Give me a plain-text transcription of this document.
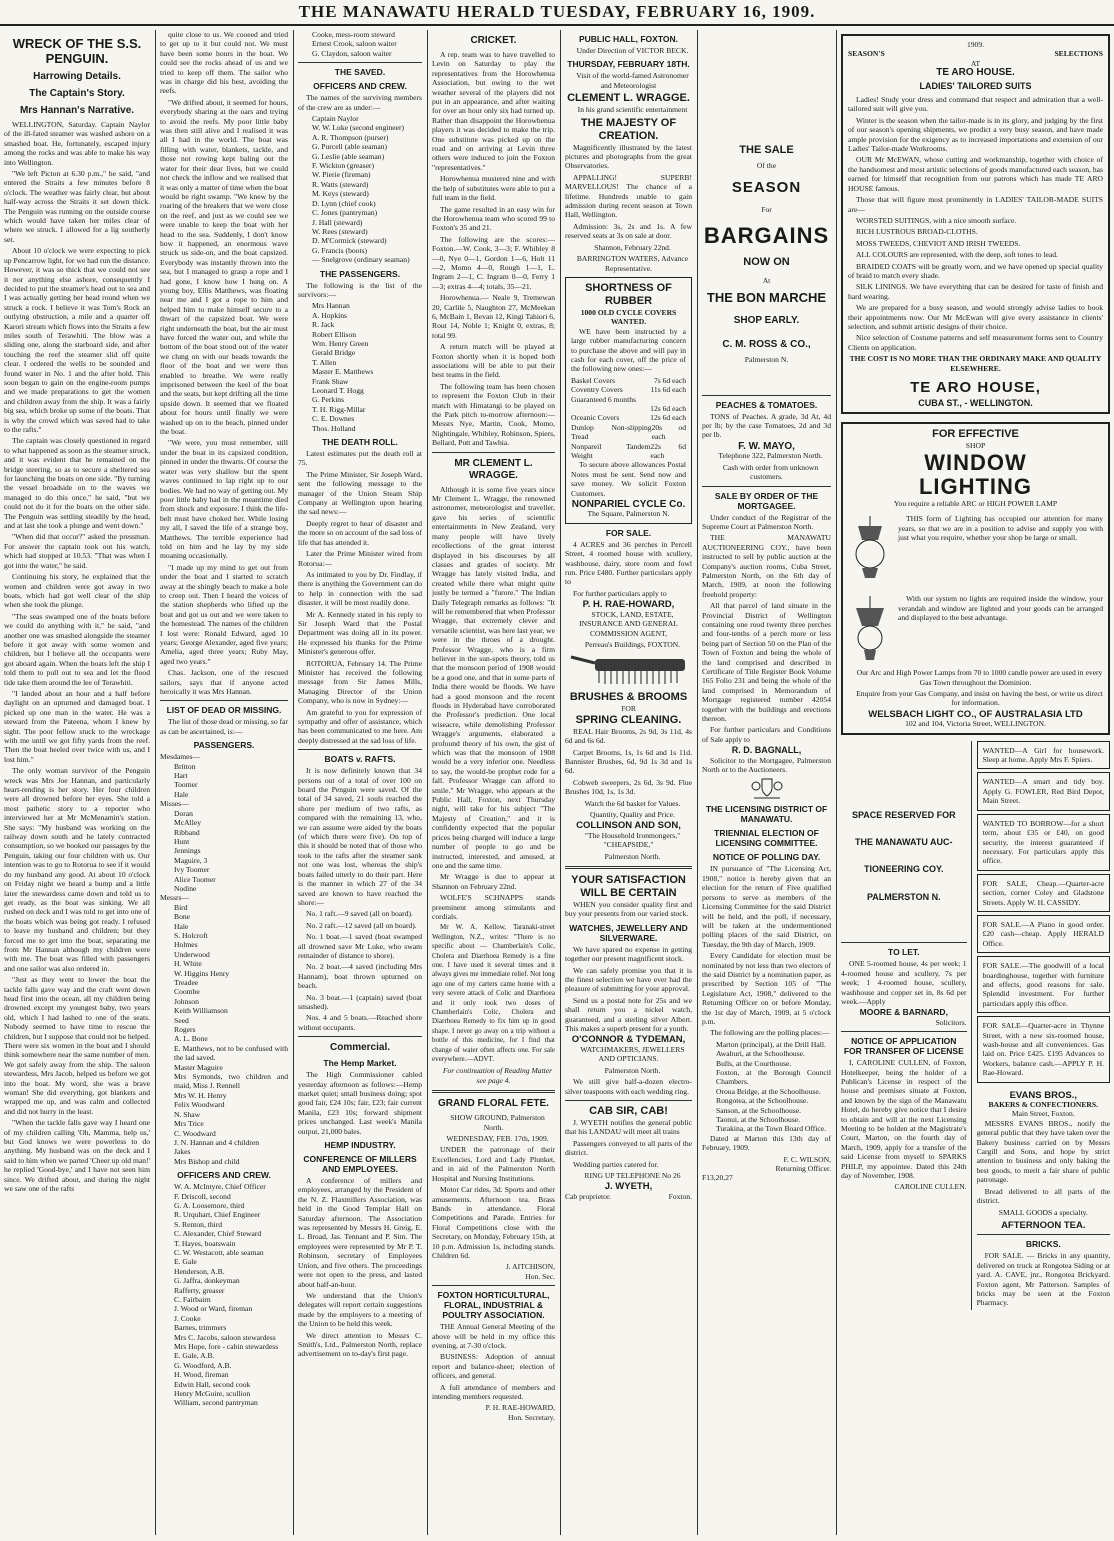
THE MANAWATU HERALD TUESDAY, FEBRUARY 16, 1909.
WRECK OF THE S.S. PENGUIN.
Harrowing Details.
The Captain's Story.
Mrs Hannan's Narrative.

WELLINGTON, Saturday. Captain Naylor of the ill-fated steamer was washed ashore on a smashed boat. He, fortunately, escaped injury among the rocks and was able to make his way into Wellington.

"We left Picton at 6.30 p.m.," he said, "and entered the Straits a few minutes before 8 o'clock. The weather was fairly clear, but about half-way across the Straits it set down thick. The Penguin was running on the outside course which would have taken her miles clear of where we struck. I allowed for a lig southerly set.

About 10 o'clock we were expecting to pick up Pencarrow light, for we had run the distance. However, it was so thick that we could not see it nor anything else ashore, consequently I decided to put the steamer's head out to sea and I was actually getting her head round when we struck a rock. I believe it was Tom's Rock an outlying obstruction, a mile and a quarter off Karori stream which flows into the Straits a few miles south of Terawhiti. The blow was a sliding one, along the starboard side, and after touching the reef the steamer slid off quite clear. I ordered the wells to be sounded and found water in No. 1 and the after hold. This soon began to gain on the engine-room pumps and we made preparations to get the women and children away from the ship. It was a fairly big sea, which broke up some of the boats. That is why the crowd which was saved had to take to the rafts."

The captain was closely questioned in regard to what happened as soon as the steamer struck, and it was evident that he remained on the bridge steering, so as to secure a sheltered sea for launching the boats on one side. "By turning the vessel broadside on to the waves we managed to do this once," he said, "but we could not do it for the boats on the other side. The Penguin was settling steadily by the head, and at last she took a plunge and went down."

"When did that occur?" asked the pressman. For answer the captain took out his watch, which had stopped at 10.53. "That was when I got into the water," he said.

Continuing his story, he explained that the women and children were got away in two boats, which had got well clear of the ship when she took the plunge.

"The seas swamped one of the boats before we could do anything with it," he said, "and another one was smashed alongside the steamer before it got away with some women and children, but I believe all the occupants were got aboard again. When the boats left the ship I told them to pull out to sea and let the flood tide take them around the lee of Terawhiti.

"I landed about an hour and a half before daylight on an upturned and damaged boat. I picked up one man in the water. He was a steward from the Pateena, whom I knew by sight. The poor fellow stuck to the wreckage with me until we got fifty yards from the reef. Then the boat heeled over twice with us, and I lost him."

The only woman survivor of the Penguin wreck was Mrs Joe Hannan, and particularly heart-rending is her story. Her four children were all drowned before her eyes. She told a most pathetic story to a reporter who interviewed her at Mr McMenamin's station. She says: "My husband was working on the railway down south and he lately contracted consumption, so we booked our passages by the Penguin, taking our four children with us. Our intention was to go to Rotorua to see if it would do my husband any good. At about 10 o'clock on Friday night we heard a bump and a little later the stewardess came down and told us to get ready, as the boat was sinking. We all rushed on deck and I was told to get into one of the boats which was being got ready. I refused to leave my husband and children; but they forced me to get into the boat, separating me from Mr Hannan although my children were with me. The boat was filled with passengers and one sailor was also ordered in.

"Just as they went to lower the boat the tackle falls gave way and the craft went down head first into the ocean, all my children being drowned except my youngest baby, two years old, which I had lashed to one of the seats. Nobody seemed to have time to rescue the children, but I suppose that could not be helped. There were six women in the boat and I should think somewhere near the same number of men. We got safely away from the ship. The saloon stewardess, Mrs Jacob, helped us before we got into the boat. My word, she was a brave woman! She did everything, got blankets and wrapped me up, and was calm and collected and did not hurry in the least.

"When the tackle falls gave way I heard one of my children calling 'Oh, Mamma, help us,' but God knows we were powerless to do anything. My husband was on the deck and I said to him when we parted 'Cheer up old man!' he replied 'Good-bye,' and I have not seen him since. We drifted about, and during the night we saw one of the rafts

quite close to us. We cooeed and tried to get up to it but could not. We must have been some hours in the boat. We could see the rocks ahead of us and we tried to keep off them. The sailor who was in charge did his best, avoiding the reefs.

"We drifted about, it seemed for hours, everybody sharing at the oars and trying to avoid the reefs. My poor little baby was then still alive and I realised it was all I had in the world. The boat was filling with water, blankets, tackle, and those not rowing kept baling out the water for their dear lives, but we could not check the inflow and we realised that it was only a matter of time when the boat would be right swamp. "We knew by the roaring of the breakers that we were close on the reef, and just as we could see we were unable to keep the boat with her head to the sea. Suddenly, I don't know how it happened, an enormous wave struck us side-on, and the boat capsized. Everybody was instantly thrown into the sea, but I managed to grasp a rope and I had gone, I know how I hung on. A young boy, Ellis Matthews, was floating near me and I got a rope to him and helped him to make himself secure to a thwart of the capsized boat. We were right underneath the boat, but the air must have forced the water out, and while the bottom of the boat stood out of the water we clung on with our heads towards the floor of the boat and we were thus enabled to breathe. We were really imprisoned between the keel of the boat and the seats, but kept drifting all the time upside down. It seemed that we floated about for hours until finally we were washed up on to the beach, pinned under the boat.

"We were, you must remember, still under the boat in its capsized condition, pinned in under the thwarts. Of course the water was very shallow but the spent waves continued to lap right up to our bodies. We had no way of getting out. My poor little baby had in the meantime died from shock and exposure. I think the life-belt must have choked her. While losing my all, I saved the life of a strange boy, Matthews. The terrible experience had told on him and he lay by my side moaning occasionally.

"I made up my mind to get out from under the boat and I started to scratch away at the shingly beach to make a hole to creep out. Then I heard the voices of the station shepherds who lifted up the boat and got us out and we were taken to the homestead. The names of the children I lost were: Ronald Edward, aged 10 years; George Alexander, aged five years; Amelia, aged three years; Ruby May, aged two years."

Chas. Jackson, one of the rescued sailors, says that if anyone acted heroically it was Mrs Hannan.

LIST OF DEAD OR MISSING.

The list of those dead or missing, so far as can be ascertained, is:—

PASSENGERS.
Mesdames—
Britton
Hart
Toomer
Hale
Misses—
Doran
McAlley
Ribband
Hunt
Jennings
Maguire, 3
Ivy Toomer
Alice Toomer
Nodine
Messrs—
Bird
Bone
Hale
S. Holcroft
Holmes
Underwood
H. White
W. Higgins Henry
Treadee
Coombe
Johnson
Keith Williamson
Seed
Rogers
A. L. Bone
E. Matthews, not to be confused with the lad saved.
Master Maguire
Mrs Symonds, two children and maid, Miss J. Rennell
Mrs W. H. Henry
Felix Woodward
N. Shaw
Mrs Trice
C. Woodward
J. N. Hannan and 4 children
Jakes
Mrs Bishop and child
OFFICERS AND CREW.
W. A. McIntyre, Chief Officer
F. Driscoll, second
G. A. Loosemore, third
R. Urquhart, Chief Engineer
S. Renton, third
C. Alexander, Chief Steward
T. Hayes, boatswain
C. W. Westacott, able seaman
E. Gale
Henderson, A.B.
G. Jaffra, donkeyman
Rafferty, greaser
C. Fairbairn
J. Wood or Ward, fireman
J. Cooke
Barnes, trimmers
Mrs C. Jacobs, saloon stewardess
Mrs Hope, fore - cabin stewardess
E. Gale, A.B.
G. Woodford, A.B.
H. Wood, fireman
Edwin Hall, second cook
Henry McGuire, scullion
William, second pantryman
Cooke, mess-room steward
Ernest Crook, saloon waiter
G. Claydon, saloon waiter
THE SAVED.
OFFICERS AND CREW.

The names of the surviving members of the crew are as under:—

Captain Naylor
W. W. Luke (second engineer)
A. R. Thompson (purser)
G. Purcell (able seaman)
G. Leslie (able seaman)
F. Wickton (greaser)
W. Pierie (fireman)
R. Watts (steward)
M. Keys (steward)
D. Lynn (chief cook)
C. Jones (pantryman)
J. Hall (steward)
W. Rees (steward)
D. M'Cormick (steward)
G. Francis (boots)
— Snelgrove (ordinary seaman)
THE PASSENGERS.

The following is the list of the survivors:—

Mrs Hannan
A. Hopkins
R. Jack
Robert Ellison
Wm. Henry Green
Gerald Bridge
T. Allen
Master E. Matthews
Frank Shaw
Leonard T. Hogg
G. Perkins
T. H. Rigg-Millar
C. E. Downes
Thos. Holland
THE DEATH ROLL.

Latest estimates put the death roll at 75.

The Prime Minister, Sir Joseph Ward, sent the following message to the manager of the Union Steam Ship Company at Wellington upon hearing the sad news:—

Deeply regret to hear of disaster and the more so on account of the sad loss of life that has attended it.

Later the Prime Minister wired from Rotorua:—

As intimated to you by Dr. Findlay, if there is anything the Government can do to help in connection with the sad disaster, it will be most readily done.

Mr A. Kennedy stated in his reply to Sir Joseph Ward that the Postal Department was doing all in its power. He expressed his thanks for the Prime Minister's generous offer.

ROTORUA, February 14. The Prime Minister has received the following message from Sir James Mills, Managing Director of the Union Company, who is now in Sydney:—

Am grateful to you for expression of sympathy and offer of assistance, which has been communicated to me here. Am deeply distressed at the sad loss of life.

BOATS v. RAFTS.

It is now definitely known that 34 persons out of a total of over 100 on board the Penguin were saved. Of the total of 34 saved, 21 souls reached the shore per medium of two rafts, as compared with the remaining 13, who, we can assume were aided by the boats (of which there were five). On top of this it should be noted that of those who took to the rafts after the steamer sank not one was lost, whereas the ship's boats failed utterly to do their part. Here is the manner in which 27 of the 34 saved are known to have reached the shore:—

No. 1 raft.—9 saved (all on board).

No. 2 raft.—12 saved (all on board).

No. 1 boat.—1 saved (boat swamped all drowned save Mr Luke, who swam remainder of distance to shore).

No. 2 boat.—4 saved (including Mrs Hannam), boat thrown upturned on beach.

No. 3 boat.—1 (captain) saved (boat smashed).

Nos. 4 and 5 boats.—Reached shore without occupants.

Commercial.
The Hemp Market.

The High Commissioner cabled yesterday afternoon as follows:—Hemp market quiet; small business doing; spot good fair, £24 10s; fair, £23; fair current Manila, £23 10s; forward shipment prices unchanged. Last week's Manila output, 21,000 bales.

HEMP INDUSTRY.
CONFERENCE OF MILLERS AND EMPLOYEES.

A conference of millers and employees, arranged by the President of the N. Z. Flaxmillers Association, was held in the Good Templar Hall on Saturday afternoon. The Association was represented by Messrs H. Greig, E. L. Broad, Jas. Tennant and P. Sim. The employees were represented by Mr P. T. Robinson, secretary of Employees Union, and five others. The proceedings were not open to the press, and lasted about half-an-hour.

We understand that the Union's delegates will report certain suggestions made by the employers to a meeting of the Union to be held this week.

We direct attention to Messrs C. Smith's, Ltd., Palmerston North, replace advertisement on to-day's first page.

CRICKET.

A rep. team was to have travelled to Levin on Saturday to play the representatives from the Horowhenua Association, but owing to the wet weather several of the players did not put in an appearance, and after waiting for over an hour only six had turned up. Rather than disappoint the Horowhenua players it was decided to make the trip. One substitute was picked up on the road and on arriving at Levin three others were induced to join the Foxton "representatives."

Horowhenua mustered nine and with the help of substitutes were able to put a full team in the field.

The game resulted in an easy win for the Horowhenua team who scored 99 to Foxton's 35 and 21.

The following are the scores:— Foxton.—W. Cook, 3—3; F. Whibley 8—0, Nye 0—1, Gordon 1—6, Holt 11—2, Momo 4—0, Rough 1—1, L. Ingram 2—1, C. Ingram 0—0, Ferry 1—3; extras 4—4; totals, 35—21.

Horowhenua.— Neale 9, Tremewan 20, Carlile 5, Naughton 27, McMeekan 6, McBain 1, Bevan 12, Kingi Tahiori 6, Rout 14, Noble 1; Knight 0, extras, 8; total 99.

A return match will be played at Foxton shortly when it is hoped both associations will be able to put their best teams in the field.

The following team has been chosen to represent the Foxton Club in their match with Himatangi to be played on the Park pitch to-morrow afternoon:— Messrs Nye, Martin, Cook, Momo, Nightingale, Whibley, Robinson, Spiers, Bellard, Putt and Tawhia.

MR CLEMENT L. WRAGGE.

Although it is some five years since Mr Clement L. Wragge, the renowned astronomer, meteorologist and traveller, gave his series of scientific entertainments in New Zealand, very many people will have lively recollections of the great interest displayed in his discourses by all classes and grades of society. Mr Wragge has lately visited India, and created while there what might quite justly be termed a "furore." The Indian Daily Telegraph remarks as follows: "It will be remembered that when Professor Wragge, that extremely clever and versatile scientist, was here last year, we were in the throes of a drought. Professor Wragge, who is a firm believer in the sun-spots theory, told us that the monsoon period of 1908 would be a good one, and that in some parts of India there would be floods. We have had a good monsoon and the recent floods in Hyderabad have corroborated the Professor's prediction. One local wiseacre, while demolishing Professor Wragge's arguments, elaborated a profound theory of his own, the gist of which was that the monsoon of 1908 would be a very inferior one. Needless to say, the would-be prophet rode for a fall. Professor Wragge can afford to smile." Mr Wragge, who appears at the Public Hall, Foxton, next Thursday night, will take for his subject "The Majesty of Creation," and it is confidently expected that the popular prices being charged will induce a large number of people to go and be instructed, interested, and amused, at one and the same time.

Mr Wragge is due to appear at Shannon on February 22nd.

WOLFE'S SCHNAPPS stands preeminent among stimulants and cordials.

Mr W. A. Kellow, Taranaki-street Wellington, N.Z., writes: "There is no specific about — Chamberlain's Colic, Cholera and Diarrhoea Remedy is a fine one. I have used it several times and it always gives me immediate relief. Not long ago one of my carters came home with a very severe attack of Colic and Diarrhoea and it only took two doses of Chamberlain's Colic, Cholera and Diarrhoea Remedy to fix him up in good shape. I never go away on a trip without a bottle of this medicine, for I find that change of water often affects one. For sale everywhere.—ADVT.

For continuation of Reading Matter see page 4.

GRAND FLORAL FETE.

SHOW GROUND, Palmerston North.

WEDNESDAY, FEB. 17th, 1909.

UNDER the patronage of their Excellencies, Lord and Lady Plunket, and in aid of the Palmerston North Hospital and Nursing Institutions.

Motor Car rides, 3d. Sports and other amusements. Afternoon tea. Brass Bands in attendance. Floral Competitions and Parade. Entries for Floral Competitions close with the Secretary, on Monday, February 15th, at 10 p.m. Admission 1s, including stands. Children 6d.

J. AITCHISON,
Hon. Sec.
FOXTON HORTICULTURAL, FLORAL, INDUSTRIAL & POULTRY ASSOCIATION.

THE Annual General Meeting of the above will be held in my office this evening, at 7-30 o'clock.

BUSINESS: Adoption of annual report and balance-sheet; election of officers, and general.

A full attendance of members and intending members requested.

P. H. RAE-HOWARD,
Hon. Secretary.
PUBLIC HALL, FOXTON.

Under Direction of VICTOR BECK.

THURSDAY, FEBRUARY 18TH.

Visit of the world-famed Astronomer and Meteorologist

CLEMENT L. WRAGGE.

In his grand scientific entertainment

THE MAJESTY OF CREATION.

Magnificently illustrated by the latest pictures and photographs from the great Observatories.

APPALLING! SUPERB! MARVELLOUS! The chance of a lifetime. Hundreds unable to gain admission during recent season at Town Hall, Wellington.

Admission: 3s, 2s and 1s. A few reserved seats at 3s on sale at door.

Shannon, February 22nd.

BARRINGTON WATERS, Advance Representative.

SHORTNESS OF RUBBER
1000 OLD CYCLE COVERS WANTED.

WE have been instructed by a large rubber manufacturing concern to purchase the above and will pay in cash for each cover, off the price of the following new ones:—

Baskel Covers	7s 6d each
Coventry Covers	11s 6d each
Guaranteed 6 months
12s 6d each
Oceanic Covers	12s 6d each
Dunlop Non-slipping Tread
20s od each
Nonpareil Tandem Weight
22s 6d each

To secure above allowances Postal Notes must be sent. Send now and save money. We solicit Foxton Customers.

NONPARIEL CYCLE Co.
The Square, Palmerston N.
FOR SALE.

4 ACRES and 36 perches in Percell Street, 4 roomed house with scullery, washhouse, dairy, store room and fowl run. Price £480. Further particulars apply to

For further particulars apply to

P. H. RAE-HOWARD,

STOCK, LAND, ESTATE, INSURANCE AND GENERAL COMMISSION AGENT,

Perreau's Buildings, FOXTON.

BRUSHES & BROOMS
FOR
SPRING CLEANING.

REAL Hair Brooms, 2s 9d, 3s 11d, 4s 6d and 6s 6d.

Carpet Brooms, 1s, 1s 6d and 1s 11d. Bannister Brushes, 6d, 9d 1s 3d and 1s 6d.

Cobweb sweepers, 2s 6d, 3s 9d. Flue Brushes 10d, 1s, 1s 3d.

Watch the 6d basket for Values.

Quantity, Quality and Price.

COLLINSON AND SON,

"The Household Ironmongers," "CHEAPSIDE,"

Palmerston North.

YOUR SATISFACTION WILL BE CERTAIN

WHEN you consider quality first and buy your presents from our varied stock.

WATCHES, JEWELLERY AND SILVERWARE.

We have spared no expense in getting together our present magnificent stock.

We can safely promise you that it is the finest selection we have ever had the pleasure of submitting for your approval.

Send us a postal note for 25s and we shall return you a nickel watch, guaranteed, and a sterling silver Albert. This makes a superb present for a youth.

O'CONNOR & TYDEMAN,

WATCHMAKERS, JEWELLERS AND OPTICIANS.

Palmerston North.

We still give half-a-dozen electro-silver teaspoons with each wedding ring.

CAB SIR, CAB!

J. WYETH notifies the general public that his LANDAU will meet all trains

Passengers conveyed to all parts of the district.

Wedding parties catered for.

RING UP TELEPHONE No 26

J. WYETH,
Cab proprietor.	Foxton.
THE SALE
Of the
SEASON
For
BARGAINS
NOW ON
At
THE BON MARCHE
SHOP EARLY.
C. M. ROSS & CO.,
Palmerston N.
PEACHES & TOMATOES.

TONS of Peaches. A grade, 3d At, 4d per lb; by the case Tomatoes, 2d and 3d per lb.

F. W. MAYO,

Telephone 322, Palmerston North.

Cash with order from unknown customers.

SALE BY ORDER OF THE MORTGAGEE.

Under conduct of the Registrar of the Supreme Court at Palmerston North.

THE MANAWATU AUCTIONEERING COY., have been instructed to sell by public auction at the Company's auction rooms, Cuba Street, Palmerston North, on the 6th day of March, 1909, at noon the following freehold property:

All that parcel of land situate in the Provincial District of Wellington containing one rood twenty three perches and four-tenths of a perch more or less being part of Section 50 on the Plan of the Town of Foxton and being the whole of the land comprised and described in Certificate of Title Register Book Volume 165 Folio 231 and being the whole of the land comprised in Memorandum of Mortgage registered number 42054 together with the buildings and erections thereon.

For further particulars and Conditions of Sale apply to

R. D. BAGNALL,

Solicitor to the Mortgagee, Palmerston North or to the Auctioneers.

THE LICENSING DISTRICT OF MANAWATU.
TRIENNIAL ELECTION OF LICENSING COMMITTEE.
NOTICE OF POLLING DAY.

IN pursuance of "The Licensing Act, 1908," notice is hereby given that an election for the return of Five qualified persons to serve as members of the Licensing Committee for the said District will be held, and the poll, if necessary, will be taken at the undermentioned polling places of the said District, on Tuesday, the 9th day of March, 1909.

Every Candidate for election must be nominated by not less than two electors of the said District by a nomination paper, as prescribed by Section 105 of "The Legislature Act, 1908," delivered to the Returning Officer on or before Monday, the 1st day of March, 1909, at 5 o'clock p.m.

The following are the polling places:—

Marton (principal), at the Drill Hall.
Awahuri, at the Schoolhouse.
Bulls, at the Courthouse.
Foxton, at the Borough Council Chambers.
Oroua Bridge, at the Schoolhouse.
Rongotea, at the Schoolhouse.
Sanson, at the Schoolhouse.
Taonui, at the Schoolhouse.
Turakina, at the Town Board Office.

Dated at Marton this 13th day of February, 1909.

F. C. WILSON,
Returning Officer.
F13,20,27
1909.
SEASON'S	SELECTIONS
AT
TE ARO HOUSE.
LADIES' TAILORED SUITS

Ladies! Study your dress and command that respect and admiration that a well-tailored suit will give you.

Winter is the season when the tailor-made is in its glory, and judging by the first of our season's opening shipments, we predict a very busy season, and have made ample provision for the exigency as to increased importations and extension of our Ladies' Tailor-made Workrooms.

OUR Mr McEWAN, whose cutting and workmanship, together with choice of the handsomest and most artistic selections of goods manufactured each season, has earned for himself that recognition from our patrons which has made TE ARO HOUSE famous.

Those that will figure most prominently in LADIES' TAILOR-MADE SUITS are—

WORSTED SUITINGS, with a nice smooth surface.

RICH LUSTROUS BROAD-CLOTHS.

MOSS TWEEDS, CHEVIOT AND IRISH TWEEDS.

ALL COLOURS are represented, with the deep, soft tones to lead.

BRAIDED COATS will be greatly worn, and we have opened up special quality of braid to match every shade.

SILK LININGS. We have everything that can be desired for taste of finish and hard wearing.

We are prepared for a busy season, and would strongly advise ladies to book their appointments now. Our Mr McEwan will give every assistance in clients' selection, and submit artistic designs of their choice.

Nice selection of Costume patterns and self measurement forms sent to Country Clients on application.

THE COST IS NO MORE THAN THE ORDINARY MAKE AND QUALITY ELSEWHERE.
TE ARO HOUSE,
CUBA ST., - WELLINGTON.
FOR EFFECTIVE
SHOP
WINDOW
LIGHTING
You require a reliable ARC or HIGH POWER LAMP

THIS form of Lighting has occupied our attention for many years, so that we are in a position to advise and supply you with just what you require, whether your shop be large or small.

With our system no lights are required inside the window, your verandah and window are lighted and your goods can be arranged and displayed to the best advantage.

Our Arc and High Power Lamps from 70 to 1000 candle power are used in every Gas Town throughout the Dominion.

Enquire from your Gas Company, and insist on having the best, or write us direct for information.

WELSBACH LIGHT CO., OF AUSTRALASIA LTD
102 and 104, Victoria Street, WELLINGTON.
SPACE RESERVED FOR
THE MANAWATU AUC-
TIONEERING COY.
PALMERSTON N.
TO LET.

ONE 5-roomed house, 4s per week; 1 4-roomed house and scullery, 7s per week; 1 4-roomed house, scullery, washhouse and copper set in, 8s 6d per week.—Apply

MOORE & BARNARD,
Solicitors.
NOTICE OF APPLICATION FOR TRANSFER OF LICENSE

I, CAROLINE CULLEN, of Foxton, Hotelkeeper, being the holder of a Publican's License in respect of the house and premises situate at Foxton, and known by the sign of the Manawatu Hotel, do hereby give notice that I desire to obtain and will at the next Licensing Meeting to be holden at the Magistrate's Court, Marton, on the fourth day of March, 1909, apply for a transfer of the said License from myself to SPARKS PHILP, my appointee. Dated this 24th day of November, 1908.

CAROLINE CULLEN.
WANTED—A Girl for housework. Sleep at home. Apply Mrs F. Spiers.
WANTED—A smart and tidy boy. Apply G. FOWLER, Red Bird Depot, Main Street.
WANTED TO BORROW—for a short term, about £35 or £40, on good security, the interest guaranteed if necessary. For particulars apply this office.
FOR SALE, Cheap.—Quarter-acre section, corner Coley and Gladstone Streets. Apply W. H. CASSIDY.
FOR SALE.—A Piano in good order. £20 cash—cheap. Apply HERALD Office.
FOR SALE.—The goodwill of a local boardinghouse, together with furniture and effects, good reasons for sale. Splendid investment. For further particulars apply this office.
FOR SALE—Quarter-acre in Thynne Street, with a new six-roomed house, wash-house and all conveniences. Gas laid on. Price £425. £195 Advances to Workers, balance cash.—APPLY P. H. Rae-Howard.
EVANS BROS.,
BAKERS & CONFECTIONERS.
Main Street, Foxton.

MESSRS EVANS BROS., notify the general public that they have taken over the Bakery business carried on by Messrs Cargill and Sons, and hope by strict attention to business and only baking the best goods, to merit a fair share of public patronage.

Bread delivered to all parts of the district.

SMALL GOODS a specialty.
AFTERNOON TEA.
BRICKS.

FOR SALE. — Bricks in any quantity, delivered on truck at Rongotea Siding or at yard. A. CAVE, jnr., Rongotea Brickyard. Foxton agent, Mr Patterson. Samples of bricks may be seen at the Foxton Pharmacy.
